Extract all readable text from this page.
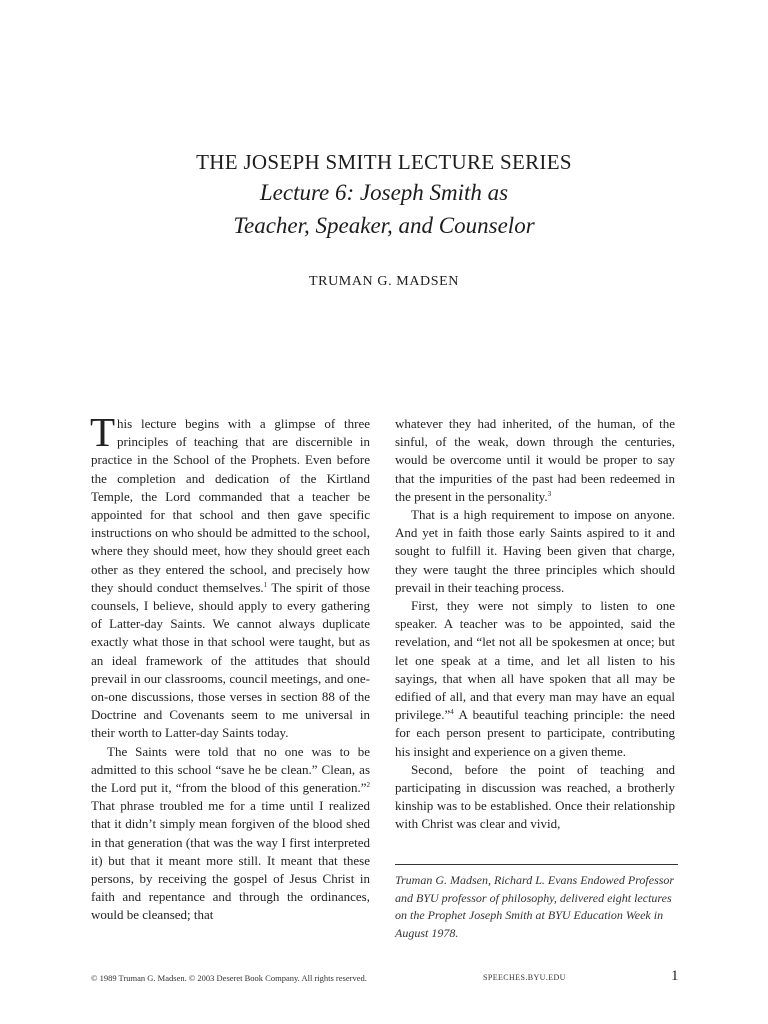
THE JOSEPH SMITH LECTURE SERIES
Lecture 6: Joseph Smith as
Teacher, Speaker, and Counselor
TRUMAN G. MADSEN

This lecture begins with a glimpse of three principles of teaching that are discernible in practice in the School of the Prophets. Even before the completion and dedication of the Kirtland Temple, the Lord commanded that a teacher be appointed for that school and then gave specific instructions on who should be admitted to the school, where they should meet, how they should greet each other as they entered the school, and precisely how they should conduct themselves.$^1$ The spirit of those counsels, I believe, should apply to every gathering of Latter-day Saints. We cannot always duplicate exactly what those in that school were taught, but as an ideal framework of the attitudes that should prevail in our classrooms, council meetings, and one-on-one discussions, those verses in section 88 of the Doctrine and Covenants seem to me universal in their worth to Latter-day Saints today.

The Saints were told that no one was to be admitted to this school “save he be clean.” Clean, as the Lord put it, “from the blood of this generation.”$^2$ That phrase troubled me for a time until I realized that it didn’t simply mean forgiven of the blood shed in that generation (that was the way I first interpreted it) but that it meant more still. It meant that these persons, by receiving the gospel of Jesus Christ in faith and repentance and through the ordinances, would be cleansed; that

whatever they had inherited, of the human, of the sinful, of the weak, down through the centuries, would be overcome until it would be proper to say that the impurities of the past had been redeemed in the present in the personality.$^3$

That is a high requirement to impose on anyone. And yet in faith those early Saints aspired to it and sought to fulfill it. Having been given that charge, they were taught the three principles which should prevail in their teaching process.

First, they were not simply to listen to one speaker. A teacher was to be appointed, said the revelation, and “let not all be spokesmen at once; but let one speak at a time, and let all listen to his sayings, that when all have spoken that all may be edified of all, and that every man may have an equal privilege.”$^4$ A beautiful teaching principle: the need for each person present to participate, contributing his insight and experience on a given theme.

Second, before the point of teaching and participating in discussion was reached, a brotherly kinship was to be established. Once their relationship with Christ was clear and vivid,

Truman G. Madsen, Richard L. Evans Endowed Professor and BYU professor of philosophy, delivered eight lectures on the Prophet Joseph Smith at BYU Education Week in August 1978.
© 1989 Truman G. Madsen. © 2003 Deseret Book Company. All rights reserved.	SPEECHES.BYU.EDU	1
